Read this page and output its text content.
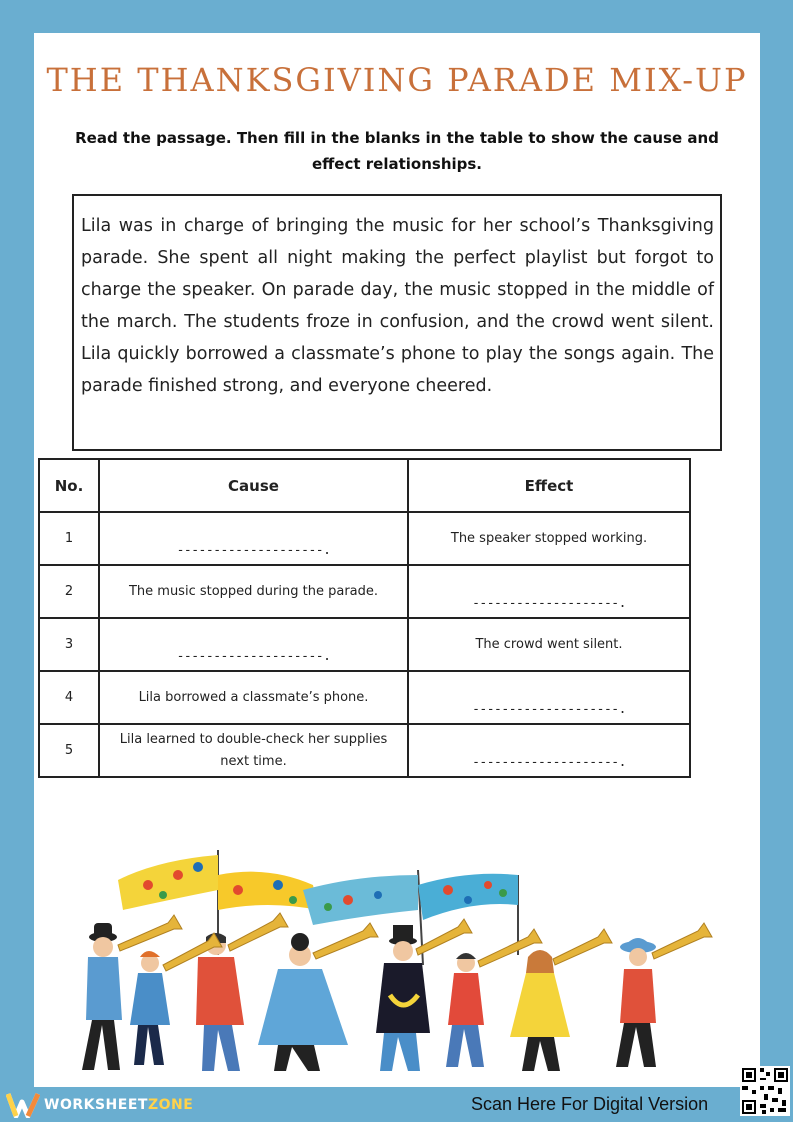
THE THANKSGIVING PARADE MIX-UP

Read the passage. Then fill in the blanks in the table to show the cause and effect relationships.

Lila was in charge of bringing the music for her school’s Thanksgiving parade. She spent all night making the perfect playlist but forgot to charge the speaker. On parade day, the music stopped in the middle of the march. The students froze in confusion, and the crowd went silent. Lila quickly borrowed a classmate’s phone to play the songs again. The parade finished strong, and everyone cheered.

No.	Cause	Effect
1	--------------------.	The speaker stopped working.
2	The music stopped during the parade.	--------------------.

3	--------------------.	The crowd went silent.
4	Lila borrowed a classmate’s phone.	--------------------.

5	Lila learned to double-check her supplies next time.	--------------------.
WORKSHEETZONE	Scan Here For Digital Version
